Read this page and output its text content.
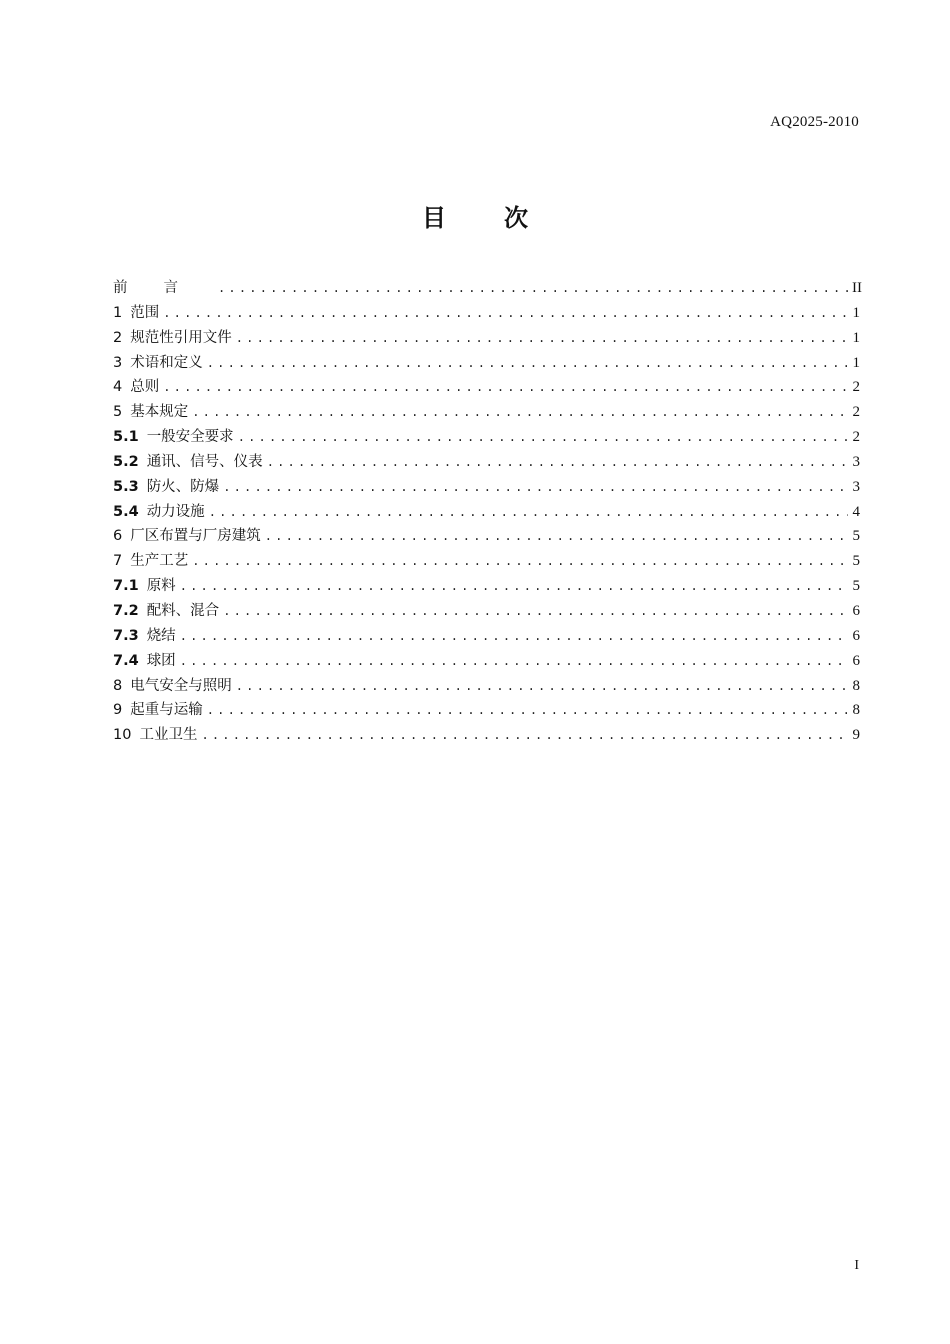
AQ2025-2010
目 次
前言 .....	II
1 范围 .....	1
2 规范性引用文件 .....	1
3 术语和定义 .....	1
4 总则 .....	2
5 基本规定 .....	2
5.1 一般安全要求 .....	2
5.2 通讯、信号、仪表 .....	3
5.3 防火、防爆 .....	3
5.4 动力设施 .....	4
6 厂区布置与厂房建筑 .....	5
7 生产工艺 .....	5
7.1 原料 .....	5
7.2 配料、混合 .....	6
7.3 烧结 .....	6
7.4 球团 .....	6
8 电气安全与照明 .....	8
9 起重与运输 .....	8
10 工业卫生 .....	9
I
